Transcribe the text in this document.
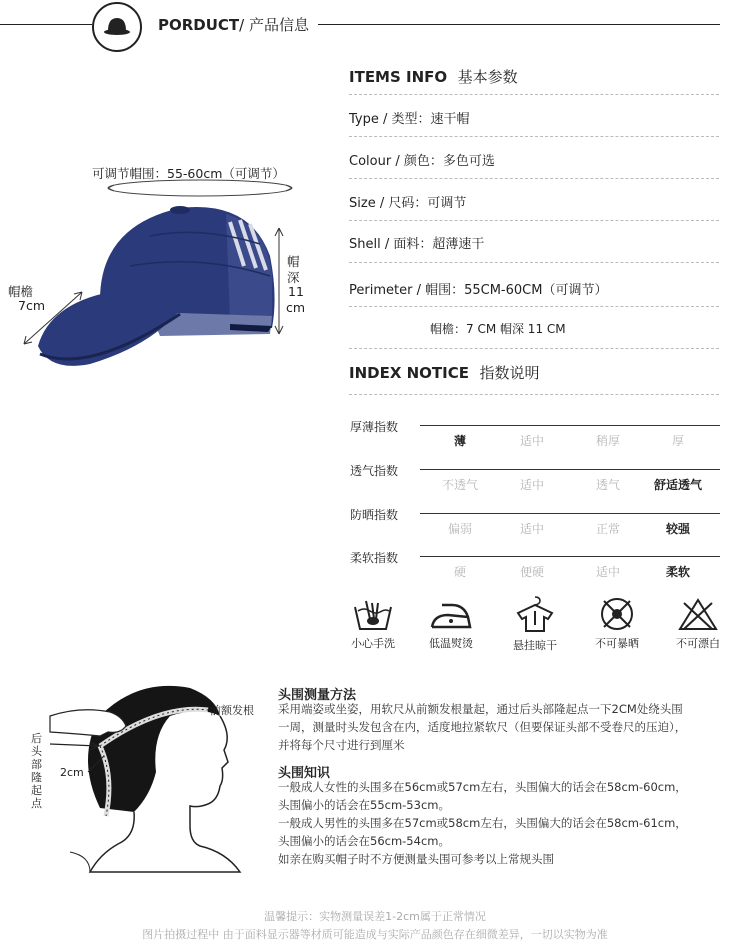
PORDUCT/ 产品信息
可调节帽围：55-60cm（可调节）
帽檐
7cm
帽
深
11
cm
ITEMS INFO 基本参数
Type / 类型：速干帽
Colour / 颜色：多色可选
Size / 尺码：可调节
Shell / 面料：超薄速干
Perimeter / 帽围：55CM-60CM（可调节）
帽檐：7 CM 帽深 11 CM
INDEX NOTICE 指数说明
厚薄指数
薄	适中	稍厚	厚
透气指数
不透气	适中	透气	舒适透气
防晒指数
偏弱	适中	正常	较强
柔软指数
硬	便硬	适中	柔软
小心手洗	低温熨烫	悬挂晾干	不可暴晒	不可漂白
前额发根
2cm
后头部隆起点
头围测量方法
采用端姿或坐姿，用软尺从前额发根量起，通过后头部隆起点一下2CM处绕头围
一周，测量时头发包含在内，适度地拉紧软尺（但要保证头部不受卷尺的压迫），
并将每个尺寸进行到厘米
头围知识
一般成人女性的头围多在56cm或57cm左右，头围偏大的话会在58cm-60cm，
头围偏小的话会在55cm-53cm。
一般成人男性的头围多在57cm或58cm左右，头围偏大的话会在58cm-61cm，
头围偏小的话会在56cm-54cm。
如亲在购买帽子时不方便测量头围可参考以上常规头围
温馨提示：实物测量误差1-2cm属于正常情况
图片拍摄过程中 由于面料显示器等材质可能造成与实际产品颜色存在细微差异，一切以实物为准
